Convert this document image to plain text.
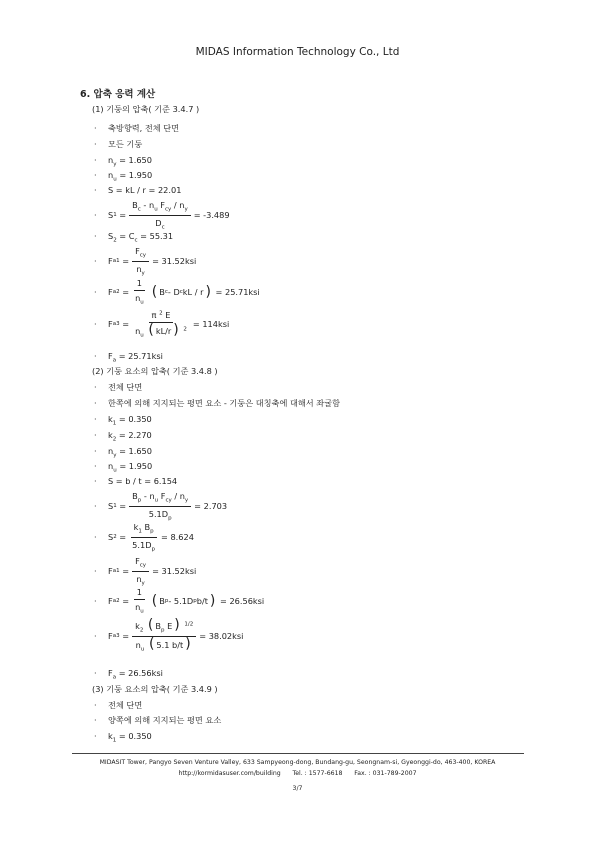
MIDAS Information Technology Co., Ltd
6. 압축 응력 계산
(1) 기둥의 압축( 기준 3.4.7 )
· 축방향력, 전체 단면
· 모든 기둥
· $n_y = 1.650$
· $n_u = 1.950$
· S = kL / r = 22.01
·	S $1 = \frac{B_c - n_u F_{cy} / n_y}{D_c} = -3.489$
· $S_2 = C_c = 55.31$
·	F $a1 = \frac{F_{cy}}{n_y} = 31.52ksi$
·	F $a2 = \frac{1}{n_u}$ ( B c - D c kL / r )
= 25.71ksi
·	F $a3 = \frac{\pi ^2 E}{n_u ( kL/r ) ^2} = 114ksi$
· $F_a = 25.71ksi$
(2) 기둥 요소의 압축( 기준 3.4.8 )
· 전체 단면
· 한쪽에 의해 지지되는 평면 요소 - 기둥은 대칭축에 대해서 좌굴함
· $k_1 = 0.350$
· $k_2 = 2.270$
· $n_y = 1.650$
· $n_u = 1.950$
· S = b / t = 6.154
·	S $1 = \frac{B_p - n_u F_{cy} / n_y}{5.1D_p} = 2.703$
·	S $2 = \frac{k_1 B_p}{5.1D_p} = 8.624$
·	F $a1 = \frac{F_{cy}}{n_y} = 31.52ksi$
·	F $a2 = \frac{1}{n_u}$ ( B p - 5.1D p b/t )
= 26.56ksi
·	F $a3 = \frac{k_2 ( B_p E ) ^{1/2}}{n_u ( 5.1 b/t )} = 38.02ksi$
· $F_a = 26.56ksi$
(3) 기둥 요소의 압축( 기준 3.4.9 )
· 전체 단면
· 양쪽에 의해 지지되는 평면 요소
· $k_1 = 0.350$
MIDASIT Tower, Pangyo Seven Venture Valley, 633 Sampyeong-dong, Bundang-gu, Seongnam-si, Gyeonggi-do, 463-400, KOREA
http://kormidasuser.com/building      Tel. : 1577-6618      Fax. : 031-789-2007
3/7
